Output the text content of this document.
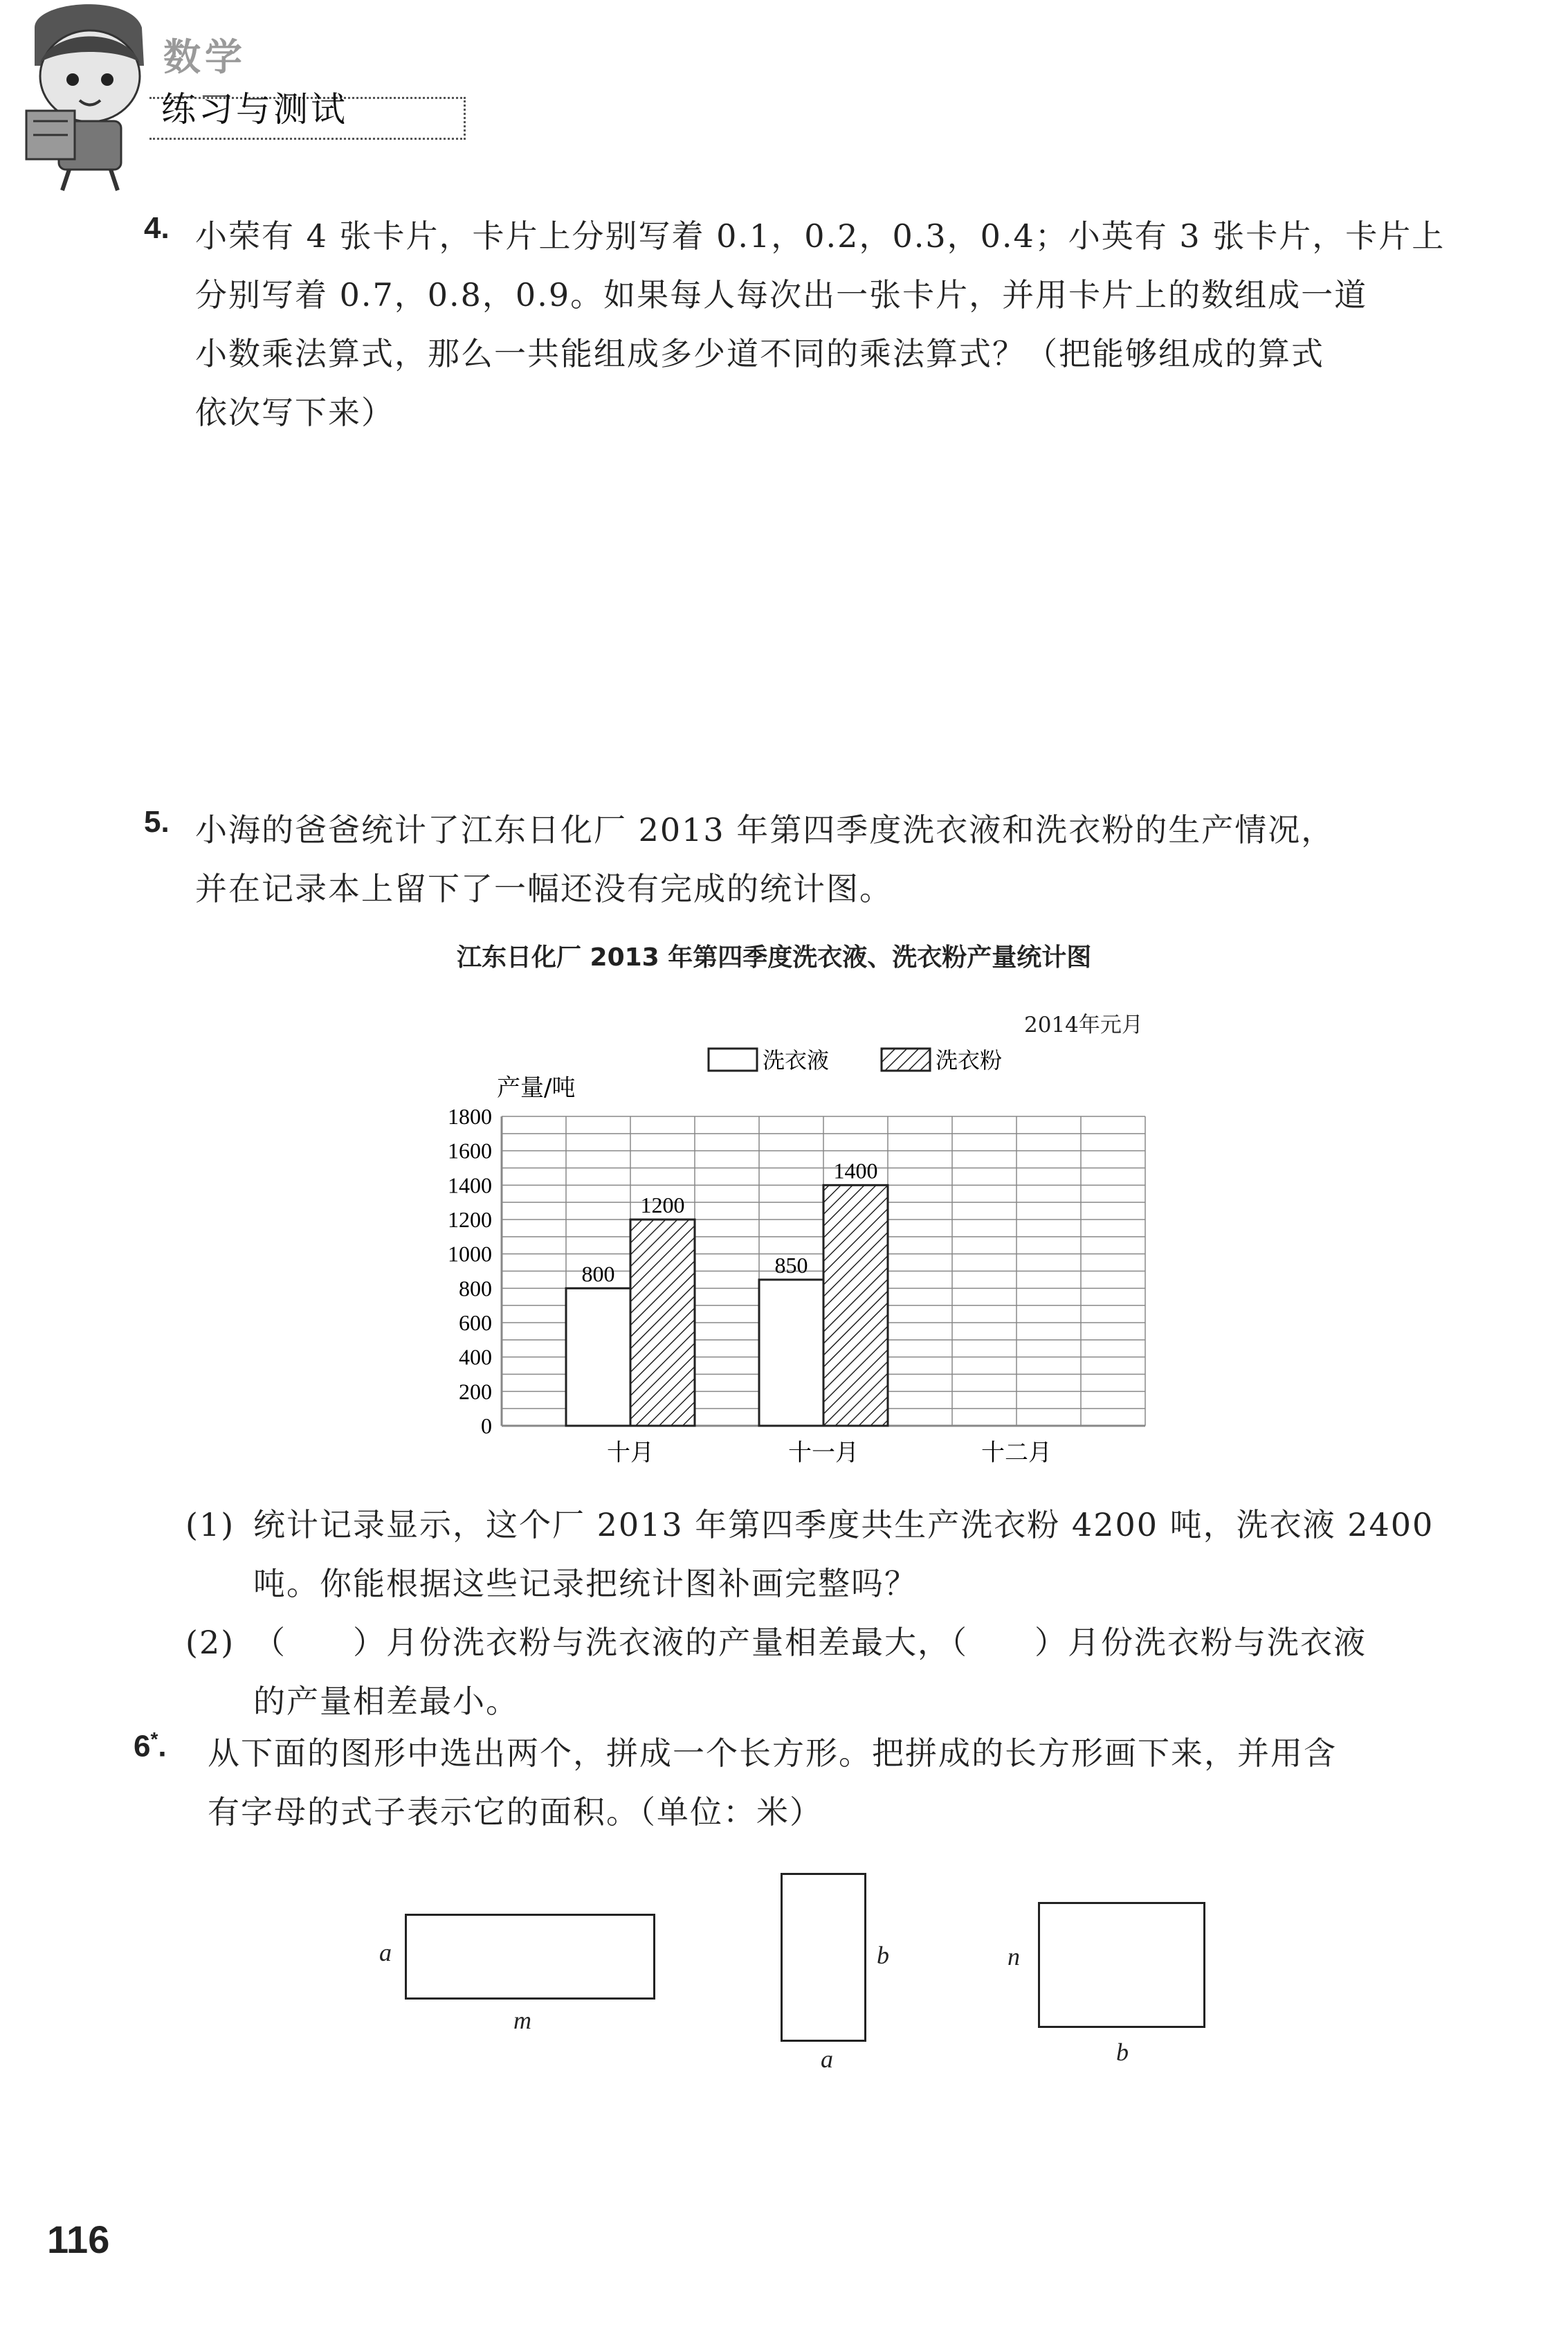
数学
练习与测试
4. 小荣有 4 张卡片，卡片上分别写着 0.1，0.2，0.3，0.4；小英有 3 张卡片，卡片上
分别写着 0.7，0.8，0.9。如果每人每次出一张卡片，并用卡片上的数组成一道
小数乘法算式，那么一共能组成多少道不同的乘法算式？（把能够组成的算式
依次写下来）
5. 小海的爸爸统计了江东日化厂 2013 年第四季度洗衣液和洗衣粉的生产情况，
并在记录本上留下了一幅还没有完成的统计图。
江东日化厂 2013 年第四季度洗衣液、洗衣粉产量统计图
2014年元月
洗衣液	洗衣粉
产量/吨
0
200
400
600
800
1000
1200
1400
1600
1800
800
1200
850
1400
十月	十一月	十二月
(1) 统计记录显示，这个厂 2013 年第四季度共生产洗衣粉 4200 吨，洗衣液 2400
吨。你能根据这些记录把统计图补画完整吗？
(2) （　　）月份洗衣粉与洗衣液的产量相差最大，（　　）月份洗衣粉与洗衣液
的产量相差最小。
6*. 从下面的图形中选出两个，拼成一个长方形。把拼成的长方形画下来，并用含
有字母的式子表示它的面积。（单位：米）
a
m
b
a
n
b
116
